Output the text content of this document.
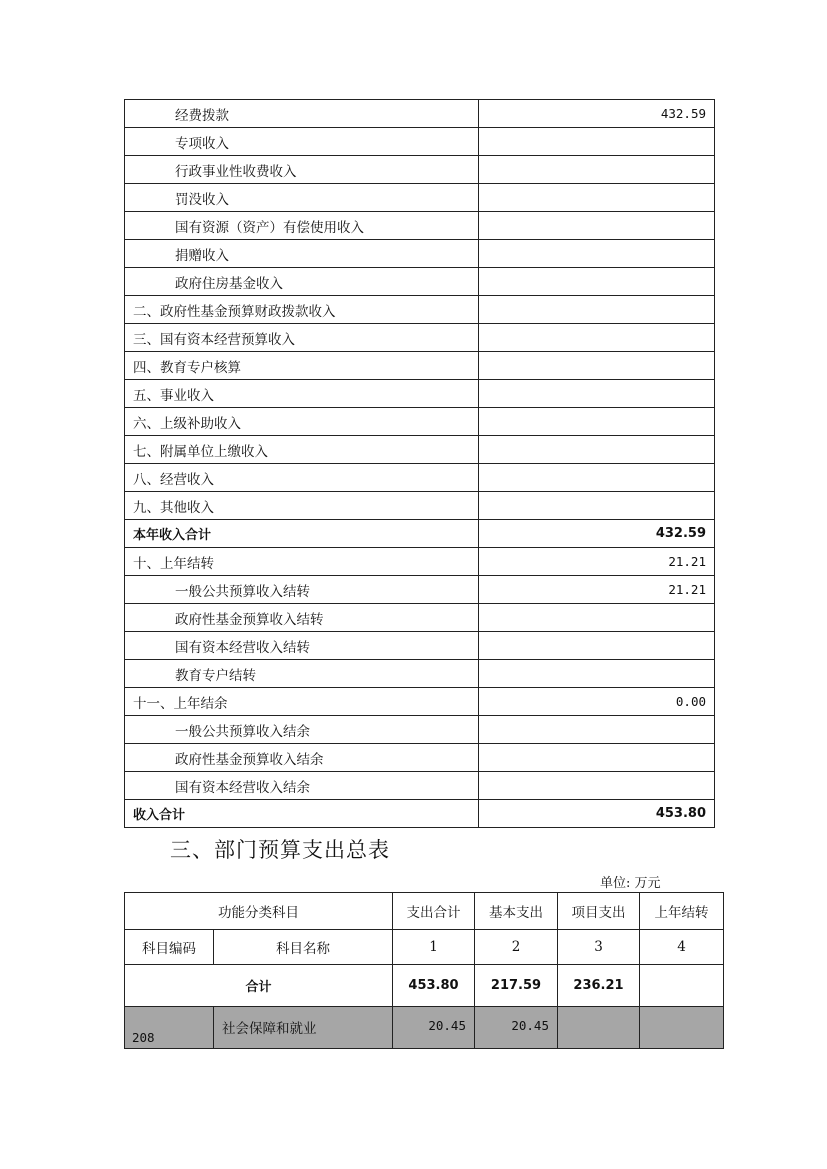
经费拨款	432.59
专项收入	
行政事业性收费收入	
罚没收入	
国有资源（资产）有偿使用收入	
捐赠收入	
政府住房基金收入	
二、政府性基金预算财政拨款收入	
三、国有资本经营预算收入	
四、教育专户核算	
五、事业收入	
六、上级补助收入	
七、附属单位上缴收入	
八、经营收入	
九、其他收入	
本年收入合计	432.59
十、上年结转	21.21
一般公共预算收入结转	21.21
政府性基金预算收入结转	
国有资本经营收入结转	
教育专户结转	
十一、上年结余	0.00
一般公共预算收入结余	
政府性基金预算收入结余	
国有资本经营收入结余	
收入合计	453.80
三、部门预算支出总表
单位: 万元
功能分类科目		支出合计	基本支出	项目支出	上年结转
科目编码	科目名称	1	2	3	4
合计		453.80	217.59	236.21	
208	社会保障和就业	20.45	20.45		
